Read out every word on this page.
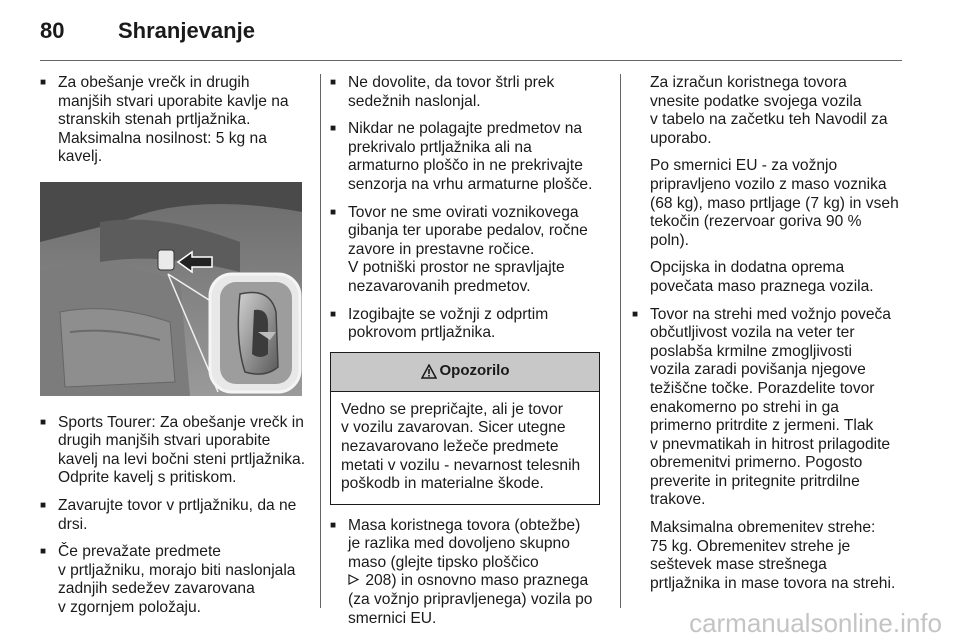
80 Shranjevanje
■ Za obešanje vrečk in drugih
manjših stvari uporabite kavlje na
stranskih stenah prtljažnika.
Maksimalna nosilnost: 5 kg na
kavelj.
■ Sports Tourer: Za obešanje vrečk in
drugih manjših stvari uporabite
kavelj na levi bočni steni prtljažnika.
Odprite kavelj s pritiskom.
■ Zavarujte tovor v prtljažniku, da ne
drsi.
■ Če prevažate predmete
v prtljažniku, morajo biti naslonjala
zadnjih sedežev zavarovana
v zgornjem položaju.
■ Ne dovolite, da tovor štrli prek
sedežnih naslonjal.
■ Nikdar ne polagajte predmetov na
prekrivalo prtljažnika ali na
armaturno ploščo in ne prekrivajte
senzorja na vrhu armaturne plošče.
■ Tovor ne sme ovirati voznikovega
gibanja ter uporabe pedalov, ročne
zavore in prestavne ročice.
V potniški prostor ne spravljajte
nezavarovanih predmetov.
■ Izogibajte se vožnji z odprtim
pokrovom prtljažnika.
Opozorilo
Vedno se prepričajte, ali je tovor
v vozilu zavarovan. Sicer utegne
nezavarovano ležeče predmete
metati v vozilu - nevarnost telesnih
poškodb in materialne škode.
■ Masa koristnega tovora (obtežbe)
je razlika med dovoljeno skupno
maso (glejte tipsko ploščico
208) in osnovno maso praznega
(za vožnjo pripravljenega) vozila po
smernici EU.
Za izračun koristnega tovora
vnesite podatke svojega vozila
v tabelo na začetku teh Navodil za
uporabo.
Po smernici EU - za vožnjo
pripravljeno vozilo z maso voznika
(68 kg), maso prtljage (7 kg) in vseh
tekočin (rezervoar goriva 90 %
poln).
Opcijska in dodatna oprema
povečata maso praznega vozila.
■ Tovor na strehi med vožnjo poveča
občutljivost vozila na veter ter
poslabša krmilne zmogljivosti
vozila zaradi povišanja njegove
težiščne točke. Porazdelite tovor
enakomerno po strehi in ga
primerno pritrdite z jermeni. Tlak
v pnevmatikah in hitrost prilagodite
obremenitvi primerno. Pogosto
preverite in pritegnite pritrdilne
trakove.
Maksimalna obremenitev strehe:
75 kg. Obremenitev strehe je
seštevek mase strešnega
prtljažnika in mase tovora na strehi.
carmanualsonline.info
